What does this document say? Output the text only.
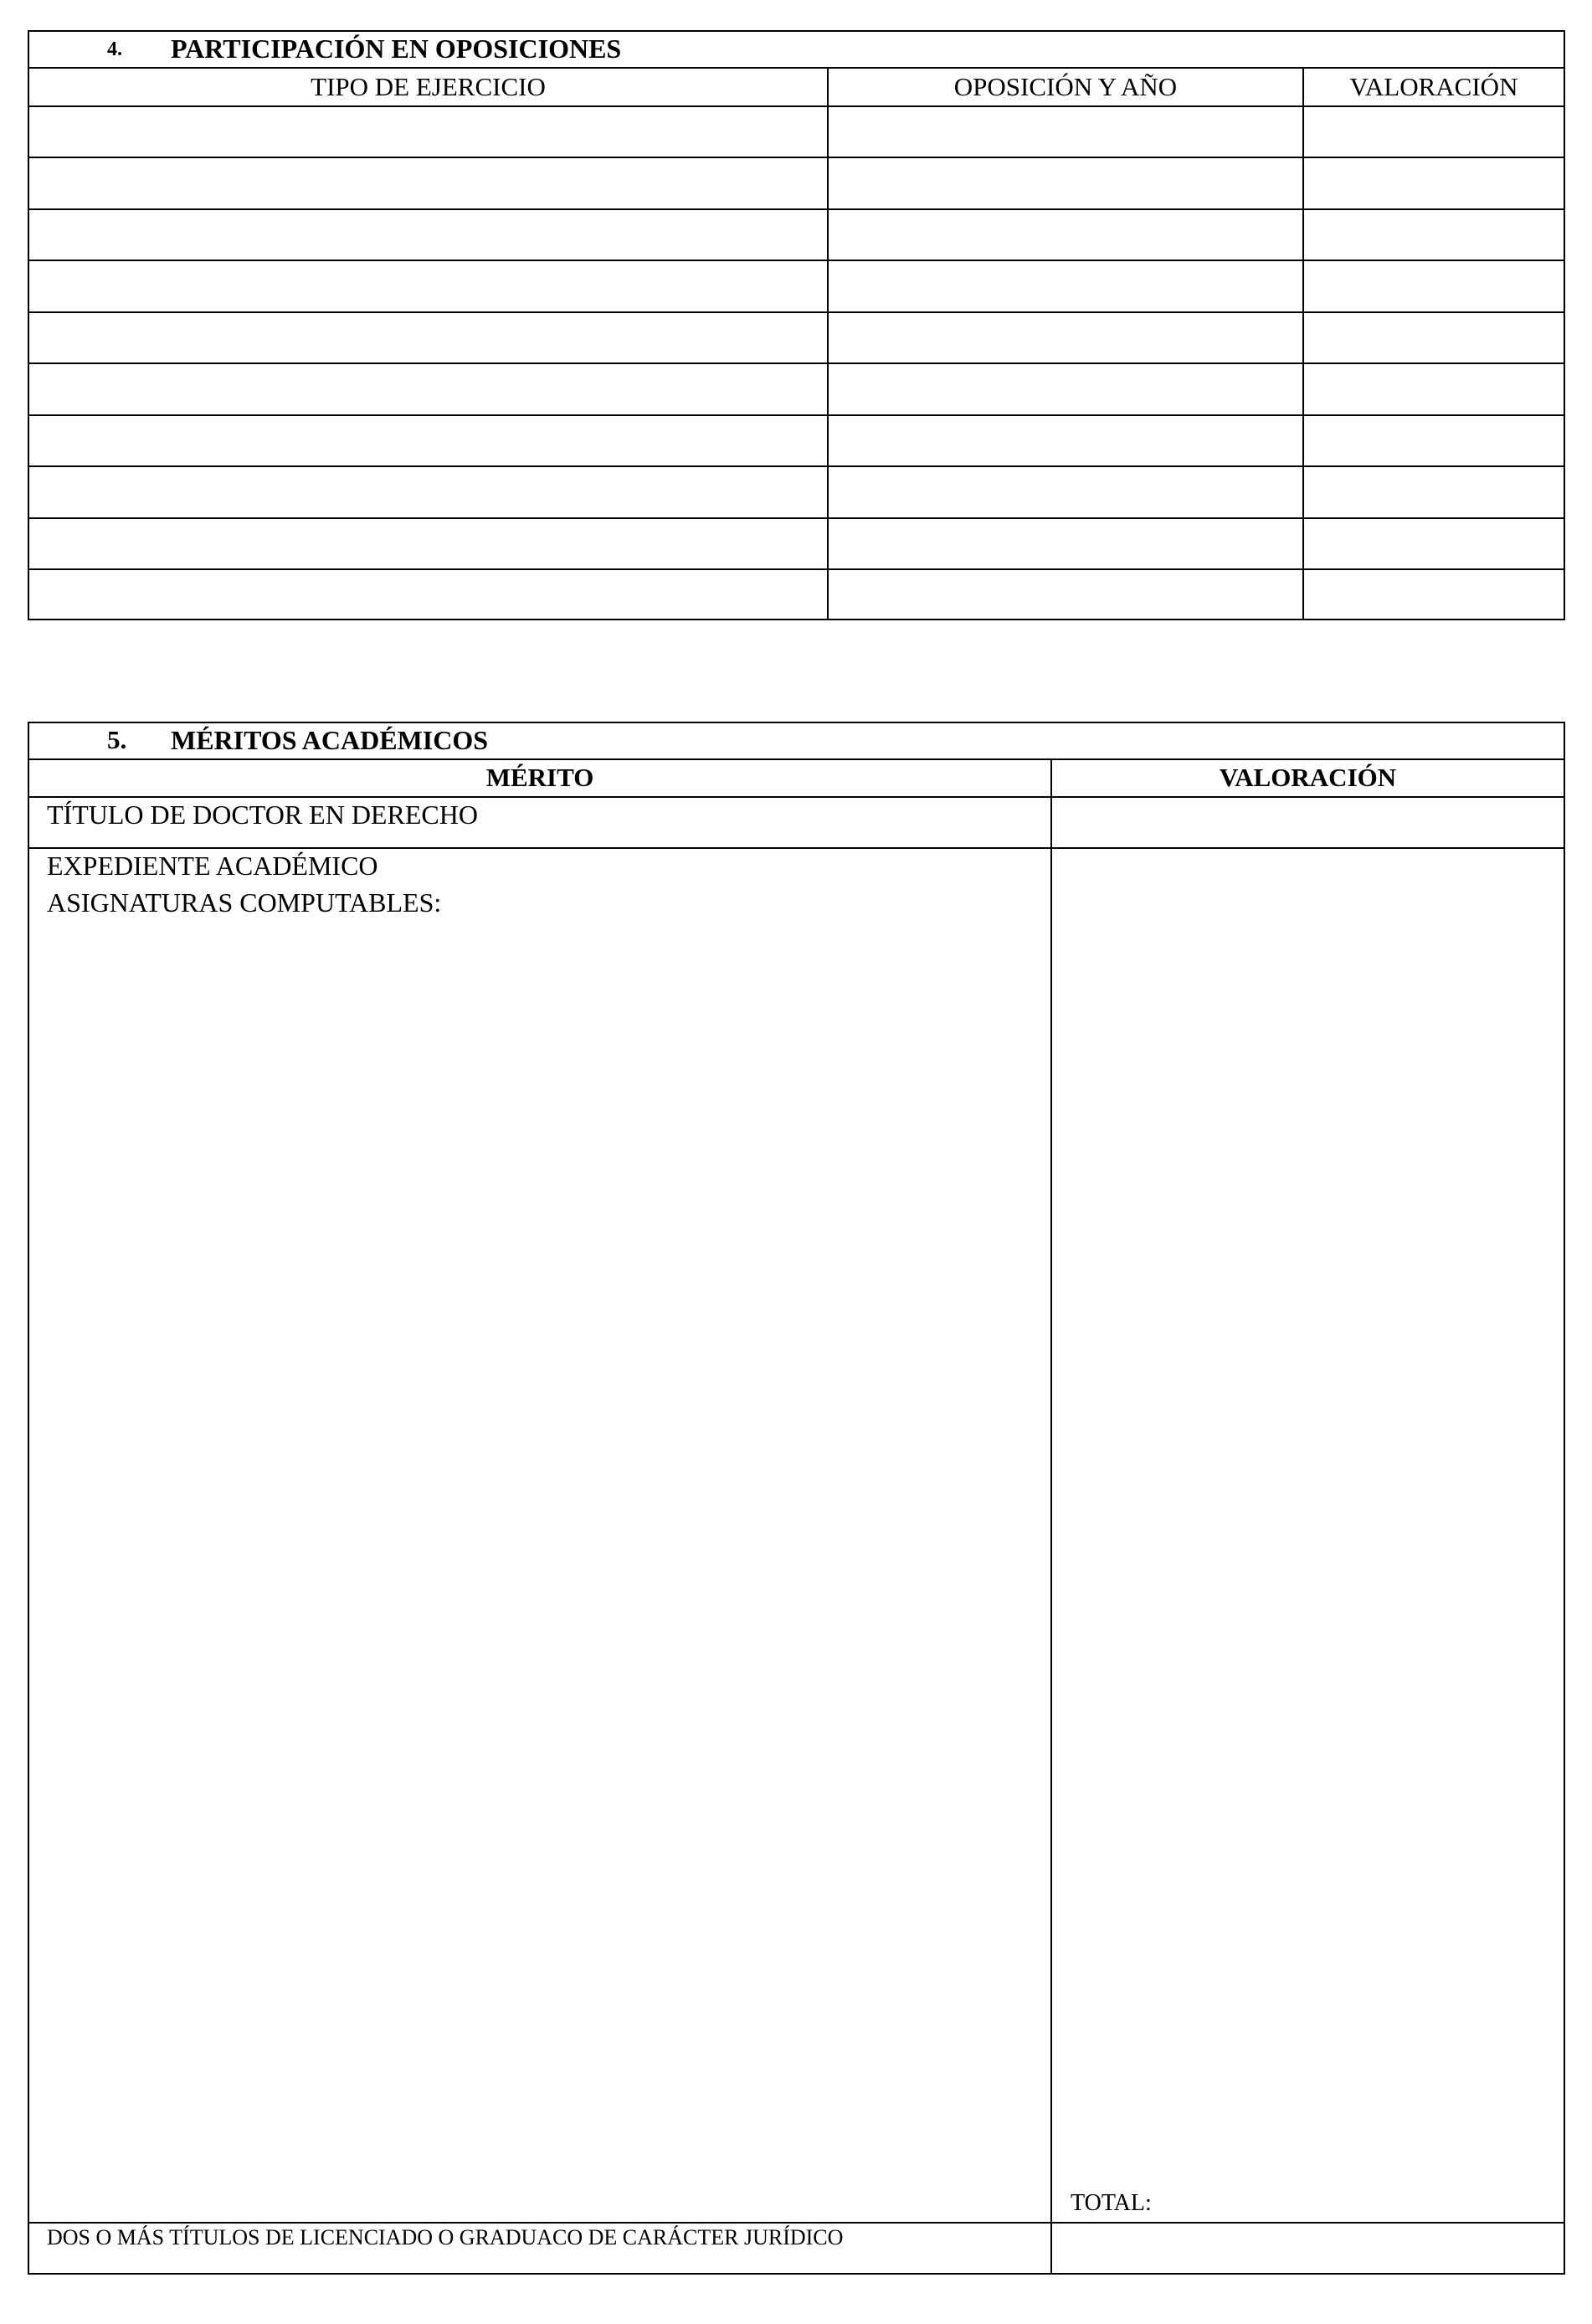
4. PARTICIPACIÓN EN OPOSICIONES
TIPO DE EJERCICIO	OPOSICIÓN Y AÑO	VALORACIÓN
5. MÉRITOS ACADÉMICOS
MÉRITO	VALORACIÓN
TÍTULO DE DOCTOR EN DERECHO
EXPEDIENTE ACADÉMICO
ASIGNATURAS COMPUTABLES:
TOTAL:
DOS O MÁS TÍTULOS DE LICENCIADO O GRADUACO DE CARÁCTER JURÍDICO
